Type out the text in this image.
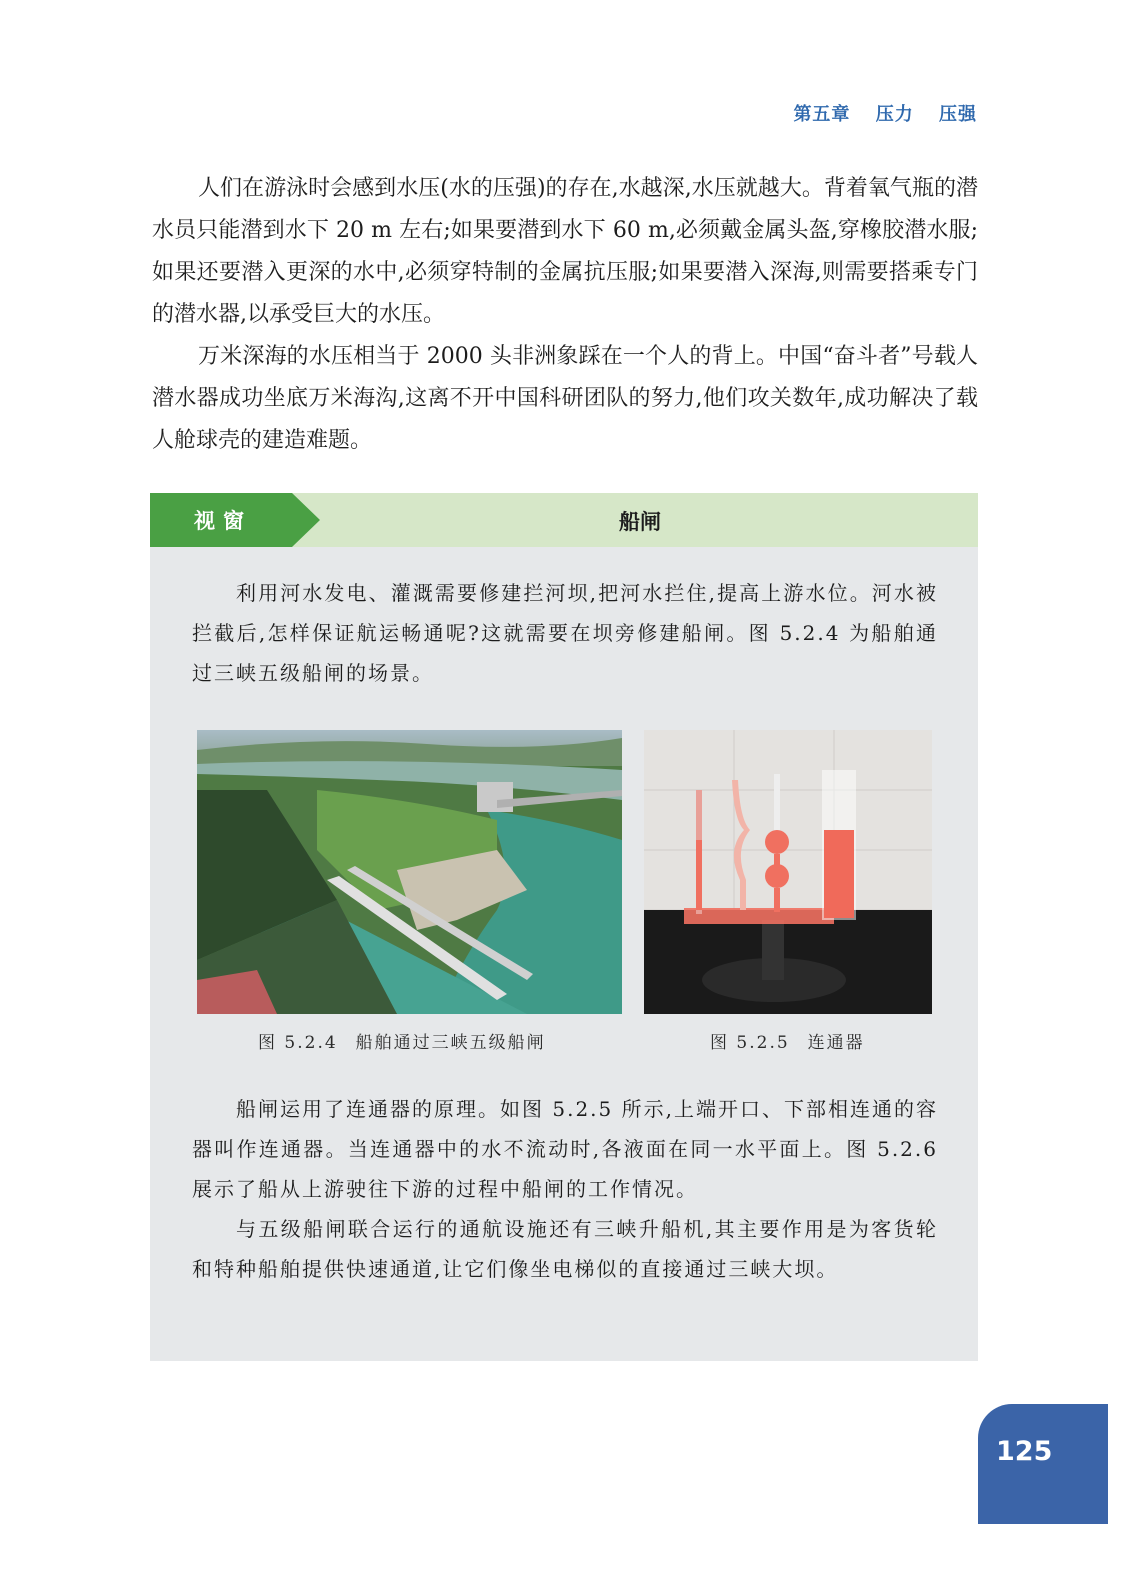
第五章 压力 压强

人们在游泳时会感到水压(水的压强)的存在,水越深,水压就越大。背着氧气瓶的潜水员只能潜到水下 20 m 左右;如果要潜到水下 60 m,必须戴金属头盔,穿橡胶潜水服;如果还要潜入更深的水中,必须穿特制的金属抗压服;如果要潜入深海,则需要搭乘专门的潜水器,以承受巨大的水压。

万米深海的水压相当于 2000 头非洲象踩在一个人的背上。中国“奋斗者”号载人潜水器成功坐底万米海沟,这离不开中国科研团队的努力,他们攻关数年,成功解决了载人舱球壳的建造难题。

视窗	船闸

利用河水发电、灌溉需要修建拦河坝,把河水拦住,提高上游水位。河水被拦截后,怎样保证航运畅通呢?这就需要在坝旁修建船闸。图 5.2.4 为船舶通过三峡五级船闸的场景。

图 5.2.4 船舶通过三峡五级船闸	图 5.2.5 连通器

船闸运用了连通器的原理。如图 5.2.5 所示,上端开口、下部相连通的容器叫作连通器。当连通器中的水不流动时,各液面在同一水平面上。图 5.2.6 展示了船从上游驶往下游的过程中船闸的工作情况。

与五级船闸联合运行的通航设施还有三峡升船机,其主要作用是为客货轮和特种船舶提供快速通道,让它们像坐电梯似的直接通过三峡大坝。

125
